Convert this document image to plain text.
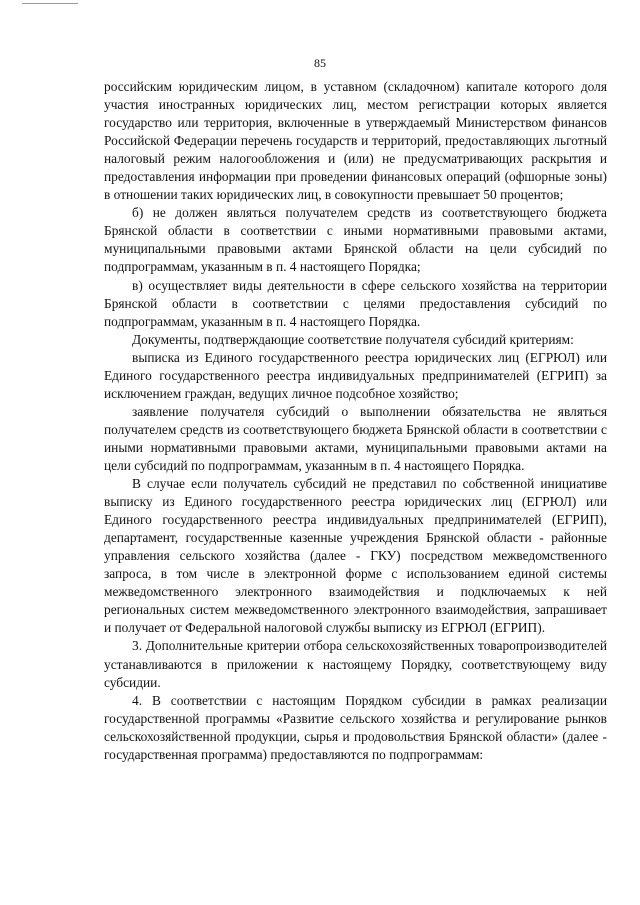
85

российским юридическим лицом, в уставном (складочном) капитале которого доля участия иностранных юридических лиц, местом регистрации которых является государство или территория, включенные в утверждаемый Министерством финансов Российской Федерации перечень государств и территорий, предоставляющих льготный налоговый режим налогообложения и (или) не предусматривающих раскрытия и предоставления информации при проведении финансовых операций (офшорные зоны) в отношении таких юридических лиц, в совокупности превышает 50 процентов;

б) не должен являться получателем средств из соответствующего бюджета Брянской области в соответствии с иными нормативными правовыми актами, муниципальными правовыми актами Брянской области на цели субсидий по подпрограммам, указанным в п. 4 настоящего Порядка;

в) осуществляет виды деятельности в сфере сельского хозяйства на территории Брянской области в соответствии с целями предоставления субсидий по подпрограммам, указанным в п. 4 настоящего Порядка.

Документы, подтверждающие соответствие получателя субсидий критериям:

выписка из Единого государственного реестра юридических лиц (ЕГРЮЛ) или Единого государственного реестра индивидуальных предпринимателей (ЕГРИП) за исключением граждан, ведущих личное подсобное хозяйство;

заявление получателя субсидий о выполнении обязательства не являться получателем средств из соответствующего бюджета Брянской области в соответствии с иными нормативными правовыми актами, муниципальными правовыми актами на цели субсидий по подпрограммам, указанным в п. 4 настоящего Порядка.

В случае если получатель субсидий не представил по собственной инициативе выписку из Единого государственного реестра юридических лиц (ЕГРЮЛ) или Единого государственного реестра индивидуальных предпринимателей (ЕГРИП), департамент, государственные казенные учреждения Брянской области - районные управления сельского хозяйства (далее - ГКУ) посредством межведомственного запроса, в том числе в электронной форме с использованием единой системы межведомственного электронного взаимодействия и подключаемых к ней региональных систем межведомственного электронного взаимодействия, запрашивает и получает от Федеральной налоговой службы выписку из ЕГРЮЛ (ЕГРИП).

3. Дополнительные критерии отбора сельскохозяйственных товаропроизводителей устанавливаются в приложении к настоящему Порядку, соответствующему виду субсидии.

4. В соответствии с настоящим Порядком субсидии в рамках реализации государственной программы «Развитие сельского хозяйства и регулирование рынков сельскохозяйственной продукции, сырья и продовольствия Брянской области» (далее - государственная программа) предоставляются по подпрограммам:
